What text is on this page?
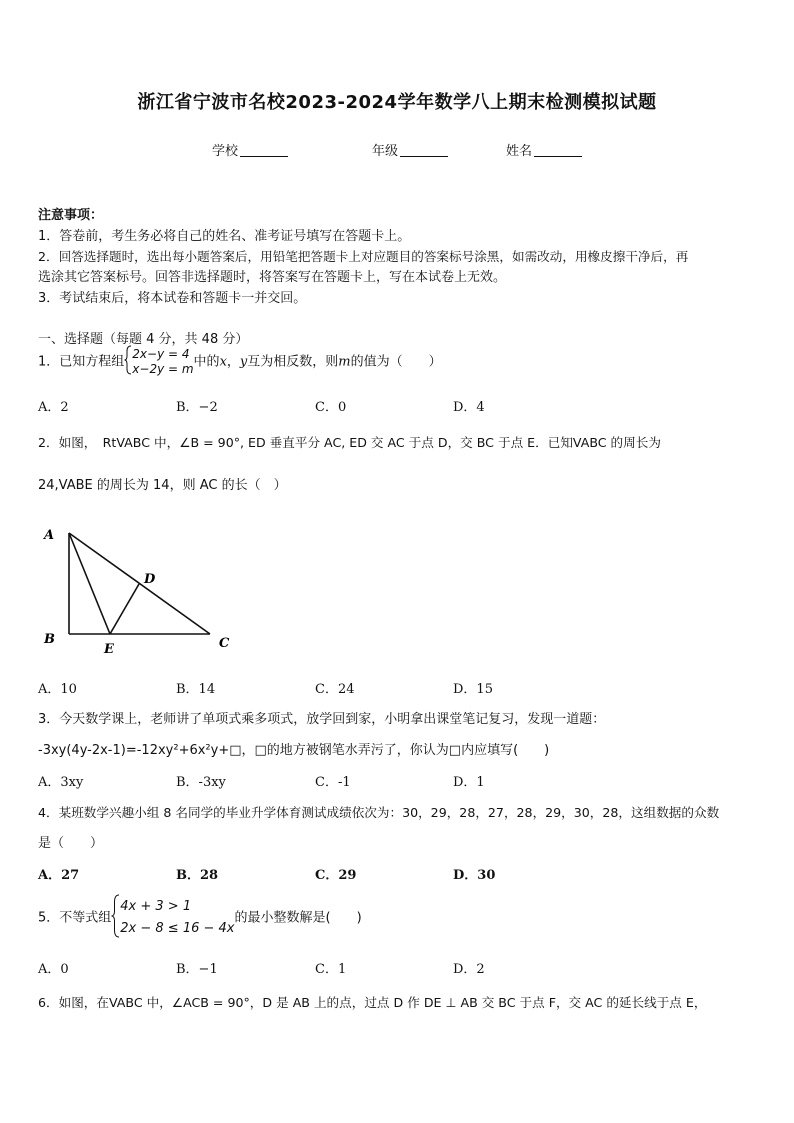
浙江省宁波市名校2023-2024学年数学八上期末检测模拟试题
学校	年级	姓名
注意事项：
1．答卷前，考生务必将自己的姓名、准考证号填写在答题卡上。
2．回答选择题时，选出每小题答案后，用铅笔把答题卡上对应题目的答案标号涂黑，如需改动，用橡皮擦干净后，再
选涂其它答案标号。回答非选择题时，将答案写在答题卡上，写在本试卷上无效。
3．考试结束后，将本试卷和答题卡一并交回。
一、选择题（每题 4 分，共 48 分）
1．已知方程组2x−y = 4
x−2y = m中的x，y互为相反数，则m的值为（　　）
A．2	B．−2	C．0	D．4
2．如图，　RtVABC 中，∠B = 90°, ED 垂直平分 AC, ED 交 AC 于点 D，交 BC 于点 E．已知VABC 的周长为
24,VABE 的周长为 14，则 AC 的长（　）
A
B	C
D
E
A．10	B．14	C．24	D．15
3．今天数学课上，老师讲了单项式乘多项式，放学回到家，小明拿出课堂笔记复习，发现一道题：
-3xy(4y-2x-1)=-12xy²+6x²y+□，□的地方被钢笔水弄污了，你认为□内应填写(　　)
A．3xy	B．-3xy	C．-1	D．1
4．某班数学兴趣小组 8 名同学的毕业升学体育测试成绩依次为：30，29，28，27，28，29，30，28，这组数据的众数
是（　　）
A．27	B．28	C．29	D．30
5．不等式组4x + 3 > 1
2x − 8 ≤ 16 − 4x的最小整数解是(　　)
A．0	B．−1	C．1	D．2
6．如图，在VABC 中，∠ACB = 90°，D 是 AB 上的点，过点 D 作 DE ⊥ AB 交 BC 于点 F，交 AC 的延长线于点 E，
